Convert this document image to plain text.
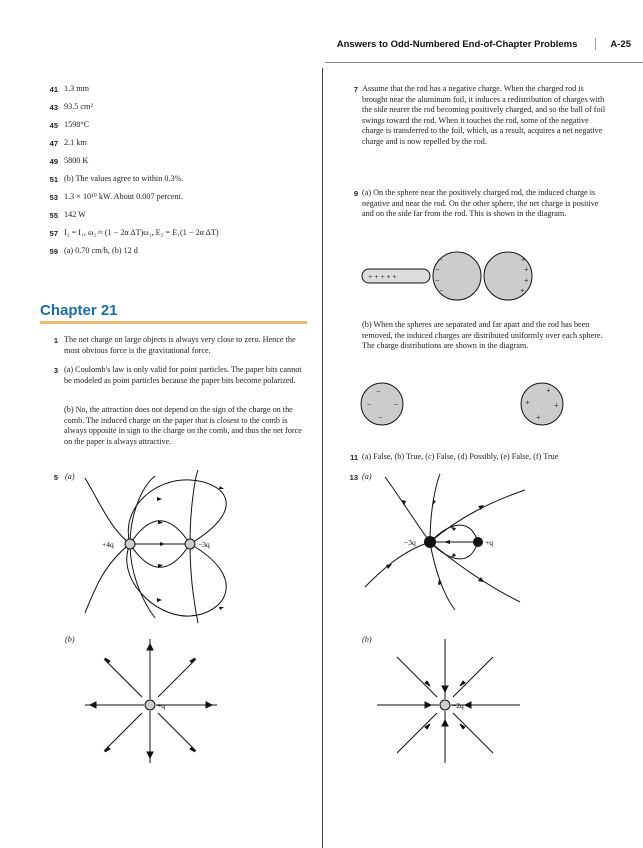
Answers to Odd-Numbered End-of-Chapter Problems	A-25
41 1.3 mm
43 93.5 cm²
45 1598°C
47 2.1 km
49 5800 K
51 (b) The values agree to within 0.3%.
53 1.3 × 10¹⁰ kW. About 0.007 percent.
55 142 W
57 I₂ = I₁, ω₂ ≈ (1 − 2α ΔT)ω₁, E₂ = E₁(1 − 2α ΔT)
59 (a) 0.70 cm/h, (b) 12 d
Chapter 21
1 The net charge on large objects is always very close to zero. Hence the most obvious force is the gravitational force.
3 (a) Coulomb's law is only valid for point particles. The paper bits cannot be modeled as point particles because the paper bits become polarized.
(b) No, the attraction does not depend on the sign of the charge on the comb. The induced charge on the paper that is closest to the comb is always opposite in sign to the charge on the comb, and thus the net force on the paper is always attractive.
5 (a)
+4q	−3q
(b)
+q
7 Assume that the rod has a negative charge. When the charged rod is brought near the aluminum foil, it induces a redistribution of charges with the side nearer the rod becoming positively charged, and so the ball of foil swings toward the rod. When it touches the rod, some of the negative charge is transferred to the foil, which, as a result, acquires a net negative charge and is now repelled by the rod.
9 (a) On the sphere near the positively charged rod, the induced charge is negative and near the rod. On the other sphere, the net charge is positive and on the side far from the rod. This is shown in the diagram.
+ + + + +
−
−
−
−
+
+
+
+
(b) When the spheres are separated and far apart and the rod has been removed, the induced charges are distributed uniformly over each sphere. The charge distributions are shown in the diagram.
−
−	−
−
+
+	+
+
11 (a) False, (b) True, (c) False, (d) Possibly, (e) False, (f) True
13 (a)
−3q	+q
(b)
−2q
